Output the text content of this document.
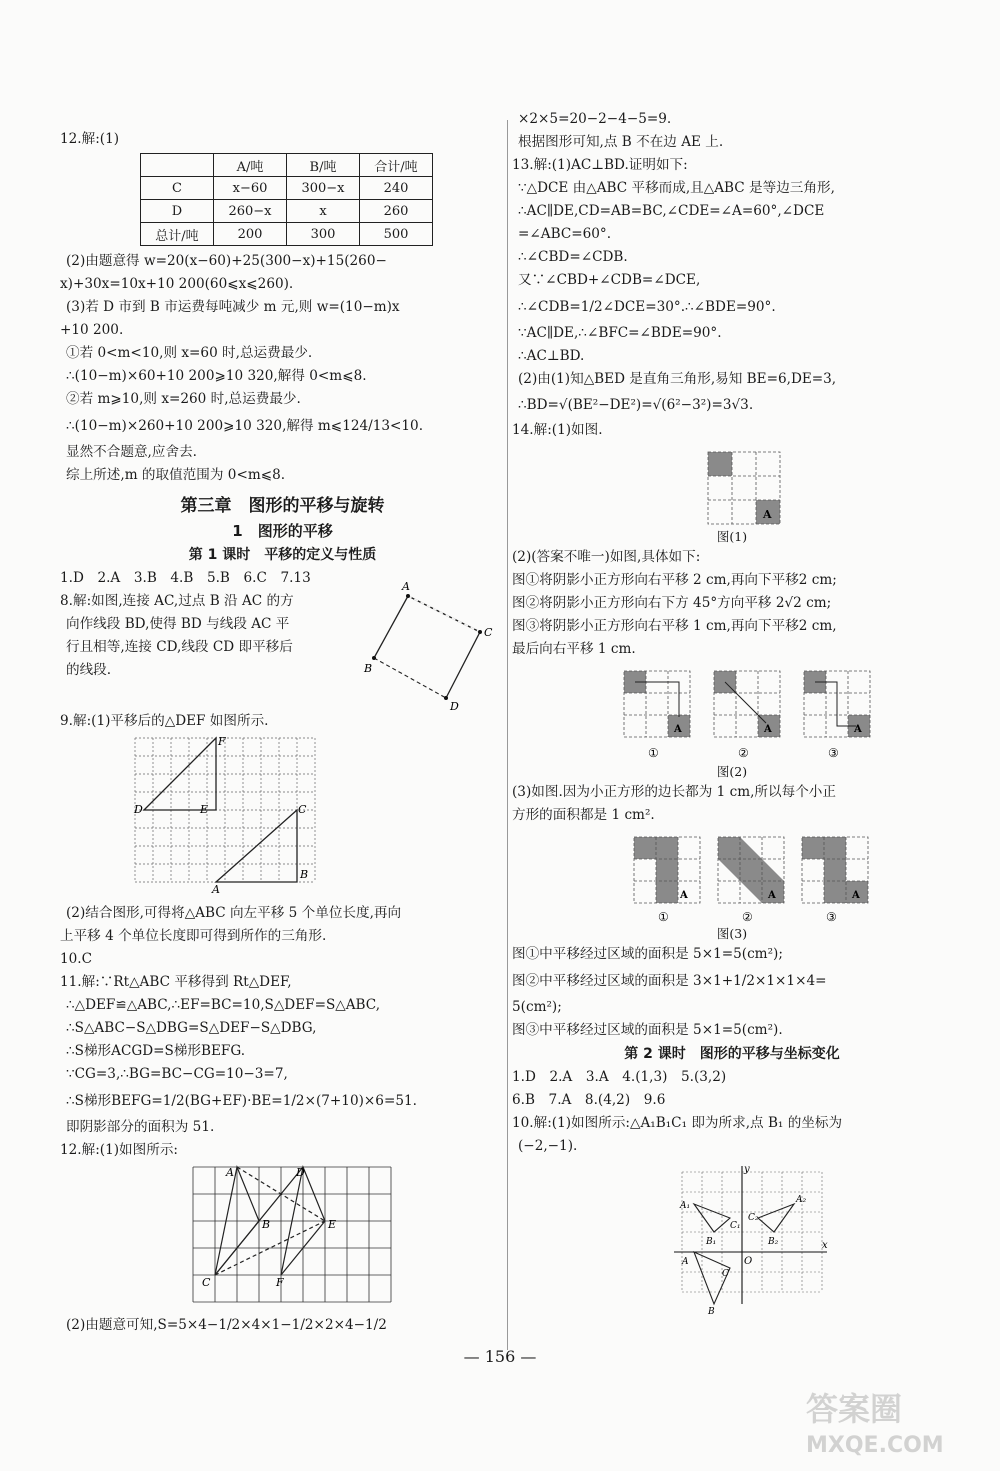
12.解:(1)
	A/吨	B/吨	合计/吨
C	x−60	300−x	240
D	260−x	x	260
总计/吨	200	300	500
(2)由题意得 w=20(x−60)+25(300−x)+15(260−
x)+30x=10x+10 200(60⩽x⩽260).
(3)若 D 市到 B 市运费每吨减少 m 元,则 w=(10−m)x
+10 200.
①若 0<m<10,则 x=60 时,总运费最少.
∴(10−m)×60+10 200⩾10 320,解得 0<m⩽8.
②若 m⩾10,则 x=260 时,总运费最少.
∴(10−m)×260+10 200⩾10 320,解得 m⩽124/13<10.
显然不合题意,应舍去.
综上所述,m 的取值范围为 0<m⩽8.
第三章　图形的平移与旋转
1　图形的平移
第 1 课时　平移的定义与性质
1.D　2.A　3.B　4.B　5.B　6.C　7.13
8.解:如图,连接 AC,过点 B 沿 AC 的方
向作线段 BD,使得 BD 与线段 AC 平
行且相等,连接 CD,线段 CD 即平移后
的线段.
A
B
C
D
9.解:(1)平移后的△DEF 如图所示.
F
D	E	C
A
B
(2)结合图形,可得将△ABC 向左平移 5 个单位长度,再向
上平移 4 个单位长度即可得到所作的三角形.
10.C
11.解:∵Rt△ABC 平移得到 Rt△DEF,
∴△DEF≌△ABC,∴EF=BC=10,S△DEF=S△ABC,
∴S△ABC−S△DBG=S△DEF−S△DBG,
∴S梯形ACGD=S梯形BEFG.
∵CG=3,∴BG=BC−CG=10−3=7,
∴S梯形BEFG=1/2(BG+EF)·BE=1/2×(7+10)×6=51.
即阴影部分的面积为 51.
12.解:(1)如图所示:
A	D
B	E
C	F
(2)由题意可知,S=5×4−1/2×4×1−1/2×2×4−1/2
×2×5=20−2−4−5=9.
根据图形可知,点 B 不在边 AE 上.
13.解:(1)AC⊥BD.证明如下:
∵△DCE 由△ABC 平移而成,且△ABC 是等边三角形,
∴AC∥DE,CD=AB=BC,∠CDE=∠A=60°,∠DCE
=∠ABC=60°.
∴∠CBD=∠CDB.
又∵∠CBD+∠CDB=∠DCE,
∴∠CDB=1/2∠DCE=30°.∴∠BDE=90°.
∵AC∥DE,∴∠BFC=∠BDE=90°.
∴AC⊥BD.
(2)由(1)知△BED 是直角三角形,易知 BE=6,DE=3,
∴BD=√(BE²−DE²)=√(6²−3²)=3√3.
14.解:(1)如图.
A
图(1)
(2)(答案不唯一)如图,具体如下:
图①将阴影小正方形向右平移 2 cm,再向下平移2 cm;
图②将阴影小正方形向右下方 45°方向平移 2√2 cm;
图③将阴影小正方形向右平移 1 cm,再向下平移2 cm,
最后向右平移 1 cm.
A
①
A
②
A
③
图(2)
(3)如图.因为小正方形的边长都为 1 cm,所以每个小正
方形的面积都是 1 cm².
A
①
A
②
A
③
图(3)
图①中平移经过区域的面积是 5×1=5(cm²);
图②中平移经过区域的面积是 3×1+1/2×1×1×4=
5(cm²);
图③中平移经过区域的面积是 5×1=5(cm²).
第 2 课时　图形的平移与坐标变化
1.D　2.A　3.A　4.(1,3)　5.(3,2)
6.B　7.A　8.(4,2)　9.6
10.解:(1)如图所示:△A₁B₁C₁ 即为所求,点 B₁ 的坐标为
(−2,−1).
y
x
O
A₁
A₂
C₁
C₂
B₁	B₂
A
C
B
— 156 —
答案圈
MXQE.COM
